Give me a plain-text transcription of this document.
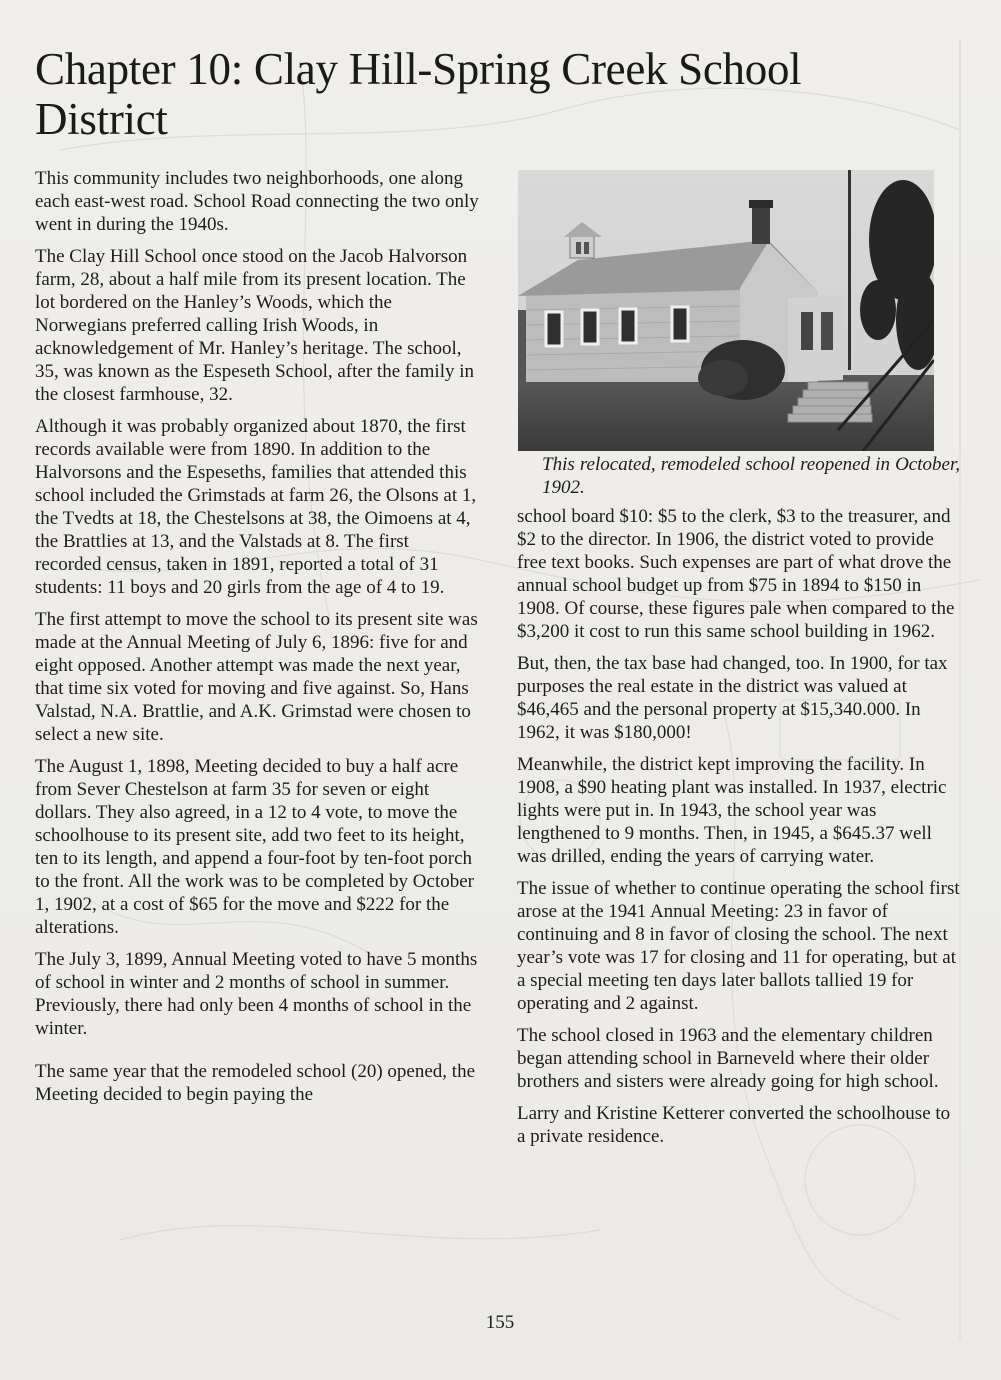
Chapter 10: Clay Hill-Spring Creek School District

This community includes two neighborhoods, one along each east-west road. School Road connecting the two only went in during the 1940s.

The Clay Hill School once stood on the Jacob Halvorson farm, 28, about a half mile from its present location. The lot bordered on the Hanley’s Woods, which the Norwegians preferred calling Irish Woods, in acknowledgement of Mr. Hanley’s heritage. The school, 35, was known as the Espeseth School, after the family in the closest farmhouse, 32.

Although it was probably organized about 1870, the first records available were from 1890. In addition to the Halvorsons and the Espeseths, families that attended this school included the Grimstads at farm 26, the Olsons at 1, the Tvedts at 18, the Chestelsons at 38, the Oimoens at 4, the Brattlies at 13, and the Valstads at 8. The first recorded census, taken in 1891, reported a total of 31 students: 11 boys and 20 girls from the age of 4 to 19.

The first attempt to move the school to its present site was made at the Annual Meeting of July 6, 1896: five for and eight opposed. Another attempt was made the next year, that time six voted for moving and five against. So, Hans Valstad, N.A. Brattlie, and A.K. Grimstad were chosen to select a new site.

The August 1, 1898, Meeting decided to buy a half acre from Sever Chestelson at farm 35 for seven or eight dollars. They also agreed, in a 12 to 4 vote, to move the schoolhouse to its present site, add two feet to its height, ten to its length, and append a four-foot by ten-foot porch to the front. All the work was to be completed by October 1, 1902, at a cost of $65 for the move and $222 for the alterations.

The July 3, 1899, Annual Meeting voted to have 5 months of school in winter and 2 months of school in summer. Previously, there had only been 4 months of school in the winter.

The same year that the remodeled school (20) opened, the Meeting decided to begin paying the

This relocated, remodeled school reopened in October, 1902.

school board $10: $5 to the clerk, $3 to the treasurer, and $2 to the director. In 1906, the district voted to provide free text books. Such expenses are part of what drove the annual school budget up from $75 in 1894 to $150 in 1908. Of course, these figures pale when compared to the $3,200 it cost to run this same school building in 1962.

But, then, the tax base had changed, too. In 1900, for tax purposes the real estate in the district was valued at $46,465 and the personal property at $15,340.000. In 1962, it was $180,000!

Meanwhile, the district kept improving the facility. In 1908, a $90 heating plant was installed. In 1937, electric lights were put in. In 1943, the school year was lengthened to 9 months. Then, in 1945, a $645.37 well was drilled, ending the years of carrying water.

The issue of whether to continue operating the school first arose at the 1941 Annual Meeting: 23 in favor of continuing and 8 in favor of closing the school. The next year’s vote was 17 for closing and 11 for operating, but at a special meeting ten days later ballots tallied 19 for operating and 2 against.

The school closed in 1963 and the elementary children began attending school in Barneveld where their older brothers and sisters were already going for high school.

Larry and Kristine Ketterer converted the schoolhouse to a private residence.

155
